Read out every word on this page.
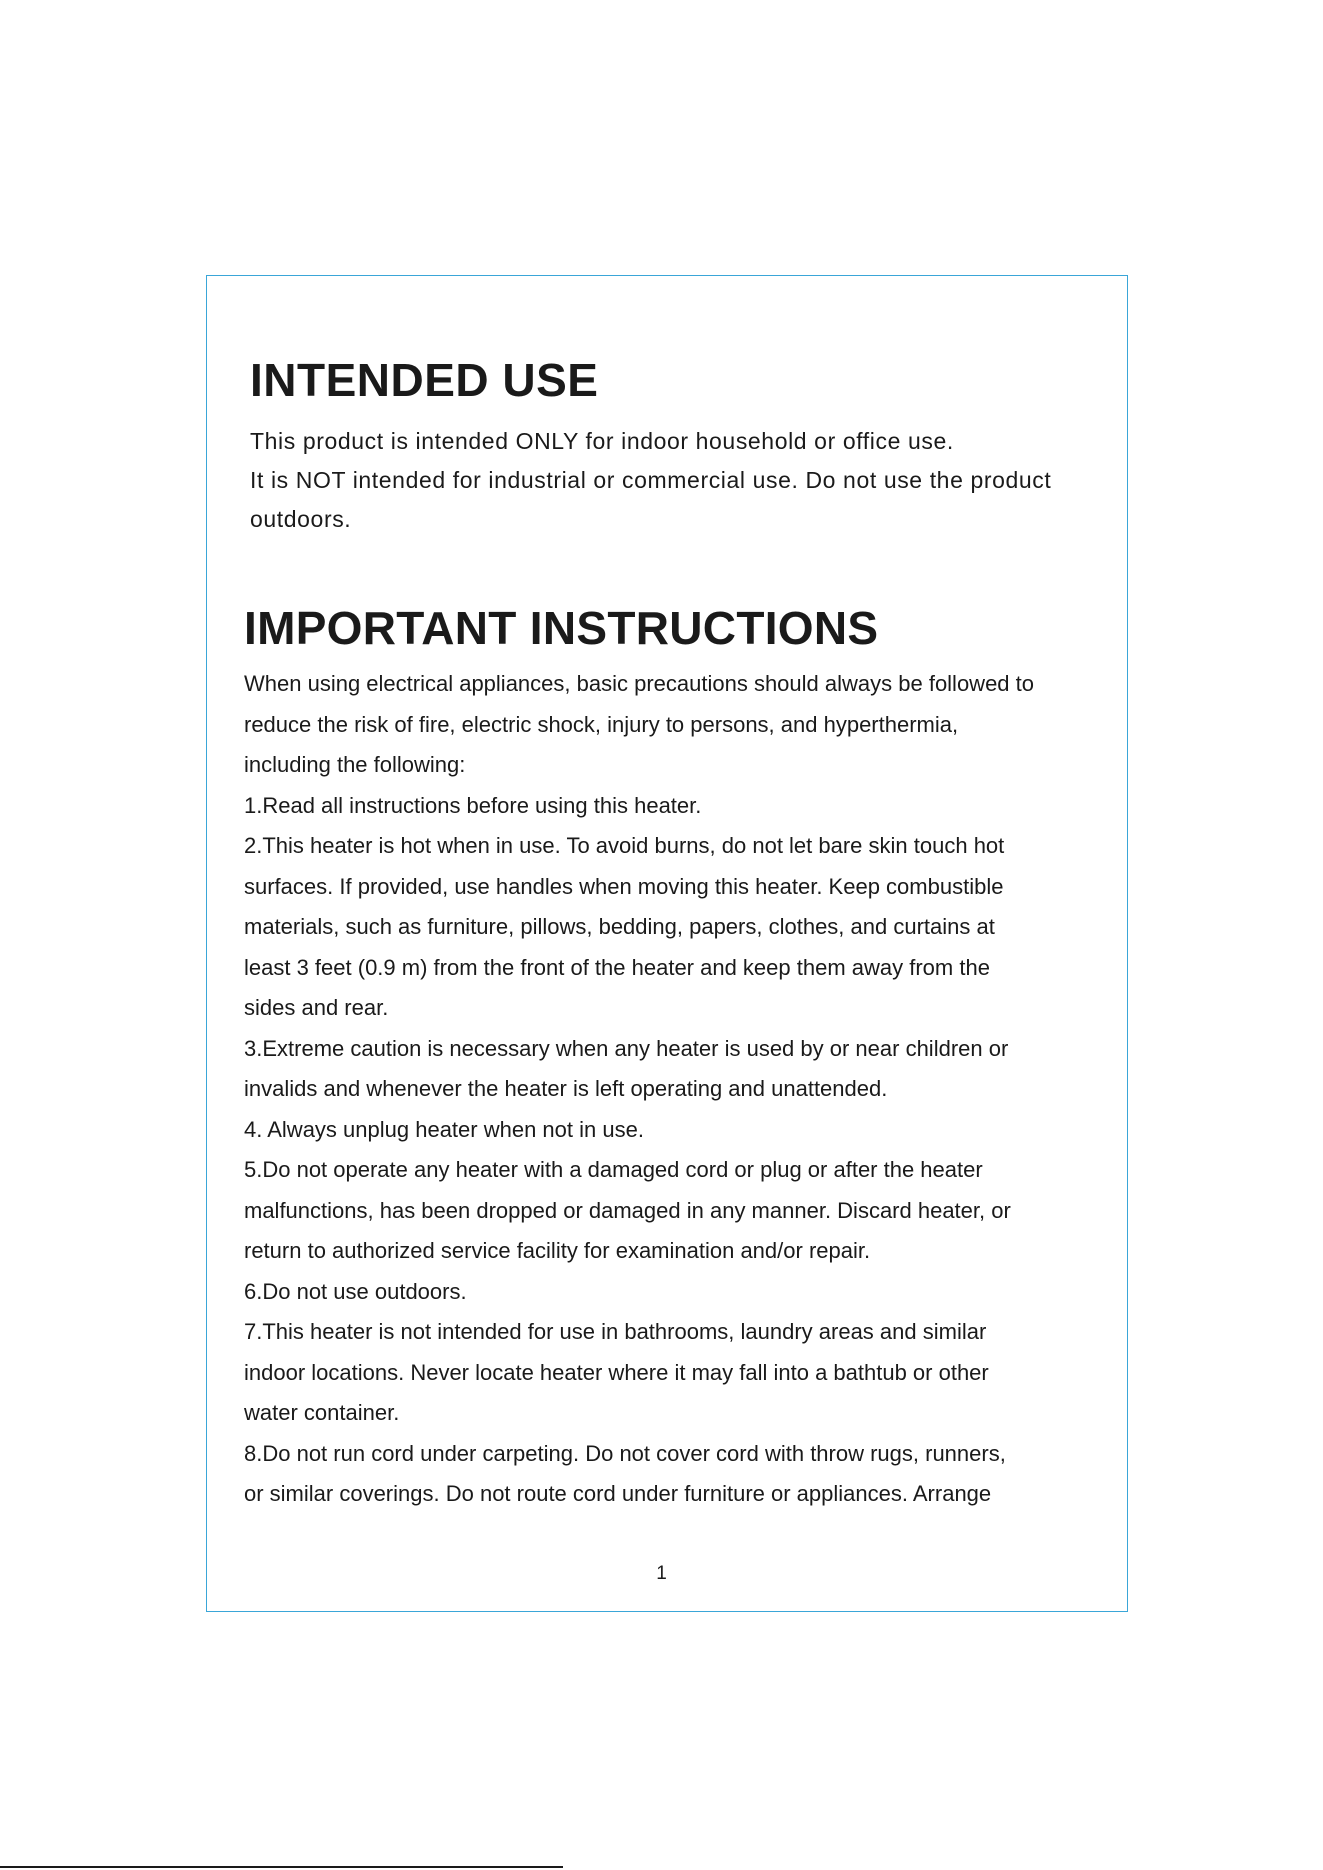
INTENDED USE

This product is intended ONLY for indoor household or office use.

It is NOT intended for industrial or commercial use. Do not use the product

outdoors.

IMPORTANT INSTRUCTIONS

When using electrical appliances, basic precautions should always be followed to

reduce the risk of fire, electric shock, injury to persons, and hyperthermia,

including the following:

1.Read all instructions before using this heater.

2.This heater is hot when in use. To avoid burns, do not let bare skin touch hot

surfaces. If provided, use handles when moving this heater. Keep combustible

materials, such as furniture, pillows, bedding, papers, clothes, and curtains at

least 3 feet (0.9 m) from the front of the heater and keep them away from the

sides and rear.

3.Extreme caution is necessary when any heater is used by or near children or

invalids and whenever the heater is left operating and unattended.

4. Always unplug heater when not in use.

5.Do not operate any heater with a damaged cord or plug or after the heater

malfunctions, has been dropped or damaged in any manner. Discard heater, or

return to authorized service facility for examination and/or repair.

6.Do not use outdoors.

7.This heater is not intended for use in bathrooms, laundry areas and similar

indoor locations. Never locate heater where it may fall into a bathtub or other

water container.

8.Do not run cord under carpeting. Do not cover cord with throw rugs, runners,

or similar coverings. Do not route cord under furniture or appliances. Arrange

1
